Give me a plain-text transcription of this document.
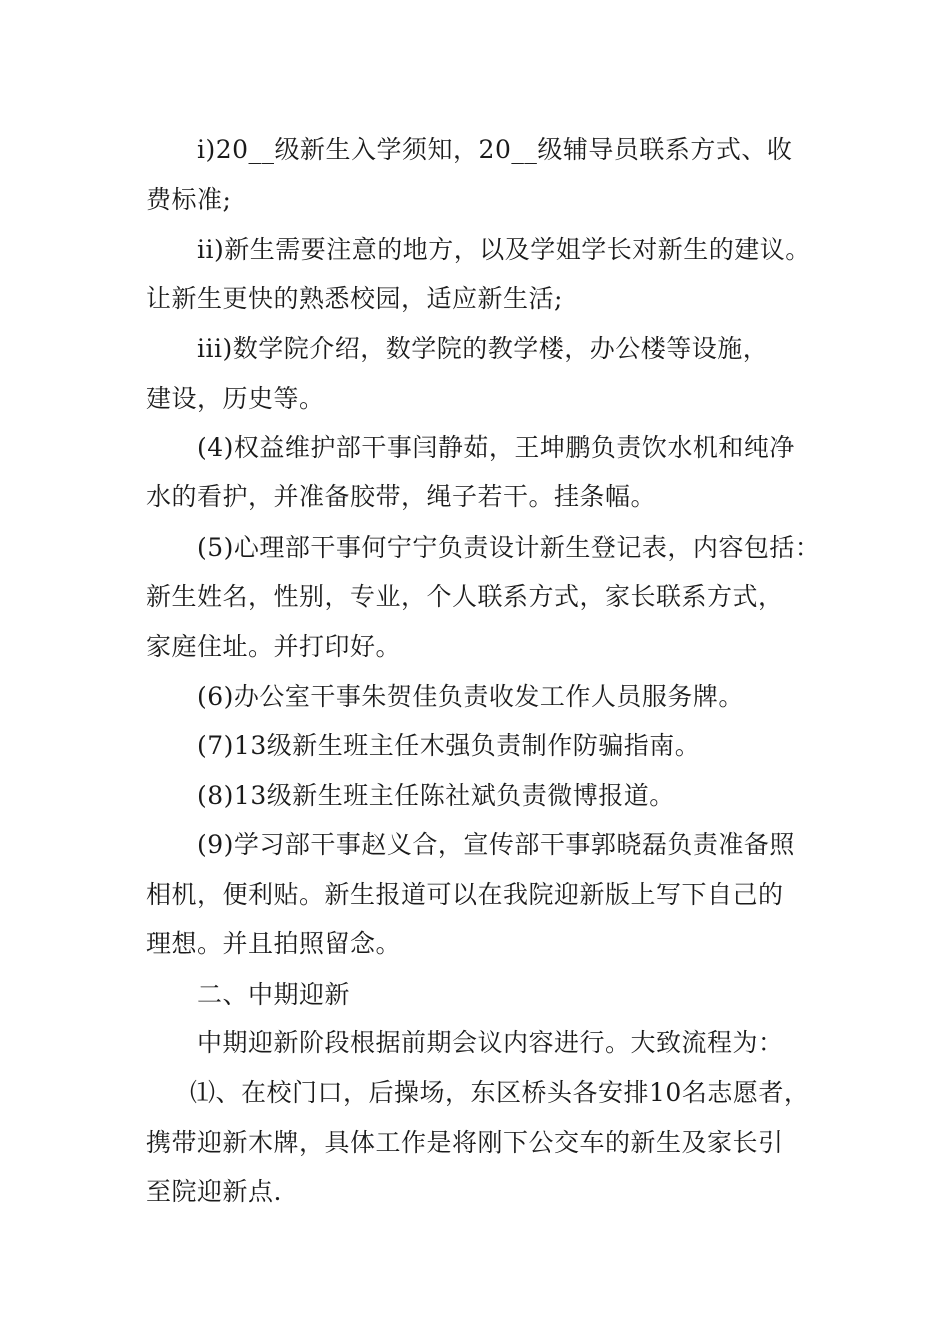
i)20__级新生入学须知，20__级辅导员联系方式、收
费标准;
ii)新生需要注意的地方，以及学姐学长对新生的建议。
让新生更快的熟悉校园，适应新生活;
iii)数学院介绍，数学院的教学楼，办公楼等设施，
建设，历史等。
(4)权益维护部干事闫静茹，王坤鹏负责饮水机和纯净
水的看护，并准备胶带，绳子若干。挂条幅。
(5)心理部干事何宁宁负责设计新生登记表，内容包括：
新生姓名，性别，专业，个人联系方式，家长联系方式，
家庭住址。并打印好。
(6)办公室干事朱贺佳负责收发工作人员服务牌。
(7)13级新生班主任木强负责制作防骗指南。
(8)13级新生班主任陈社斌负责微博报道。
(9)学习部干事赵义合，宣传部干事郭晓磊负责准备照
相机，便利贴。新生报道可以在我院迎新版上写下自己的
理想。并且拍照留念。
二、中期迎新
中期迎新阶段根据前期会议内容进行。大致流程为：
⑴、在校门口，后操场，东区桥头各安排10名志愿者，
携带迎新木牌，具体工作是将刚下公交车的新生及家长引
至院迎新点.
